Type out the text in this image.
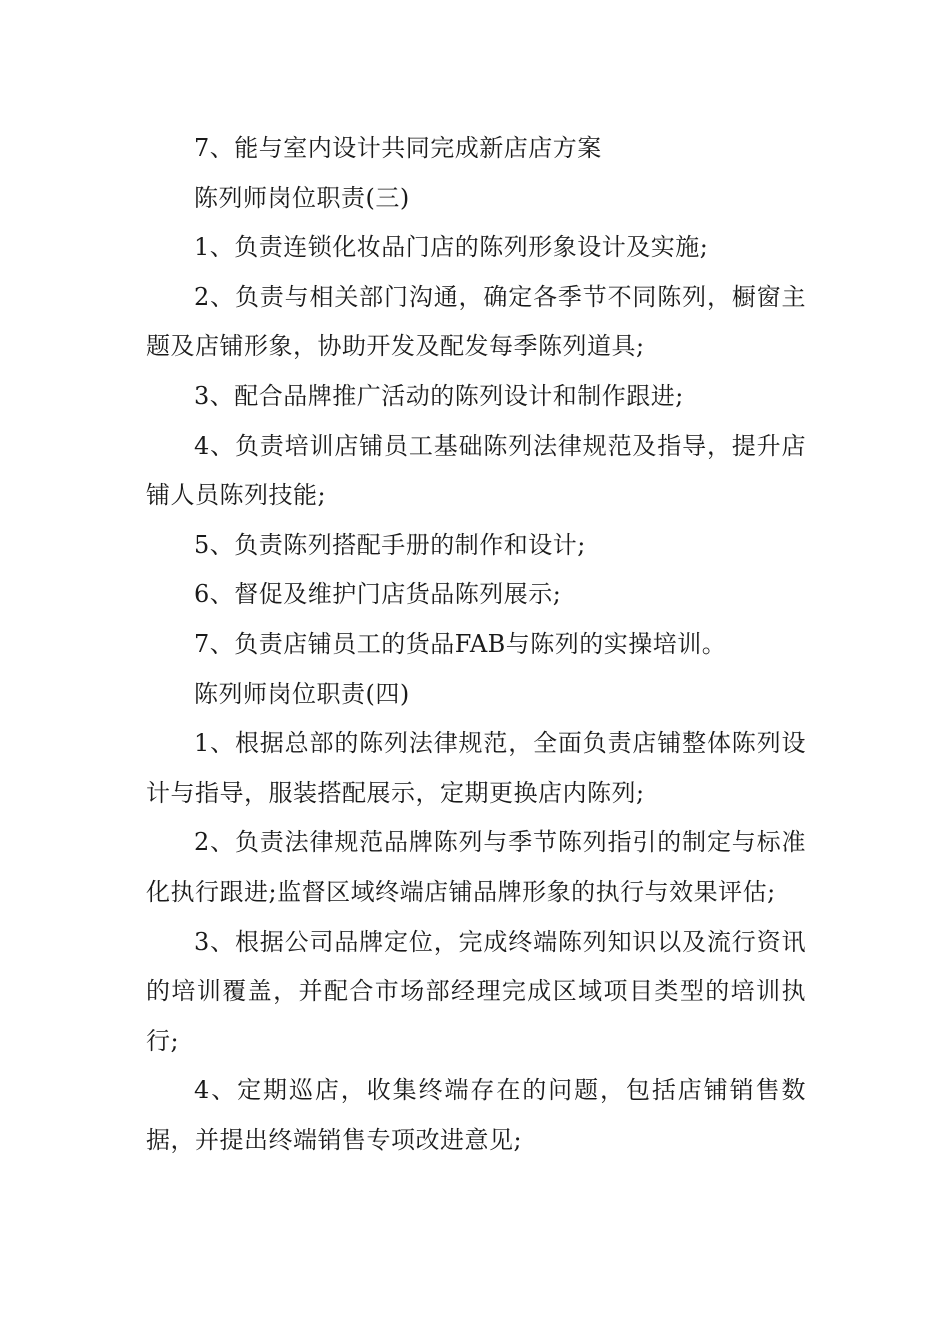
7、能与室内设计共同完成新店店方案

陈列师岗位职责(三)

1、负责连锁化妆品门店的陈列形象设计及实施;

2、负责与相关部门沟通，确定各季节不同陈列，橱窗主题及店铺形象，协助开发及配发每季陈列道具;

3、配合品牌推广活动的陈列设计和制作跟进;

4、负责培训店铺员工基础陈列法律规范及指导，提升店铺人员陈列技能;

5、负责陈列搭配手册的制作和设计;

6、督促及维护门店货品陈列展示;

7、负责店铺员工的货品FAB与陈列的实操培训。

陈列师岗位职责(四)

1、根据总部的陈列法律规范，全面负责店铺整体陈列设计与指导，服装搭配展示，定期更换店内陈列;

2、负责法律规范品牌陈列与季节陈列指引的制定与标准化执行跟进;监督区域终端店铺品牌形象的执行与效果评估;

3、根据公司品牌定位，完成终端陈列知识以及流行资讯的培训覆盖，并配合市场部经理完成区域项目类型的培训执行;

4、定期巡店，收集终端存在的问题，包括店铺销售数据，并提出终端销售专项改进意见;
